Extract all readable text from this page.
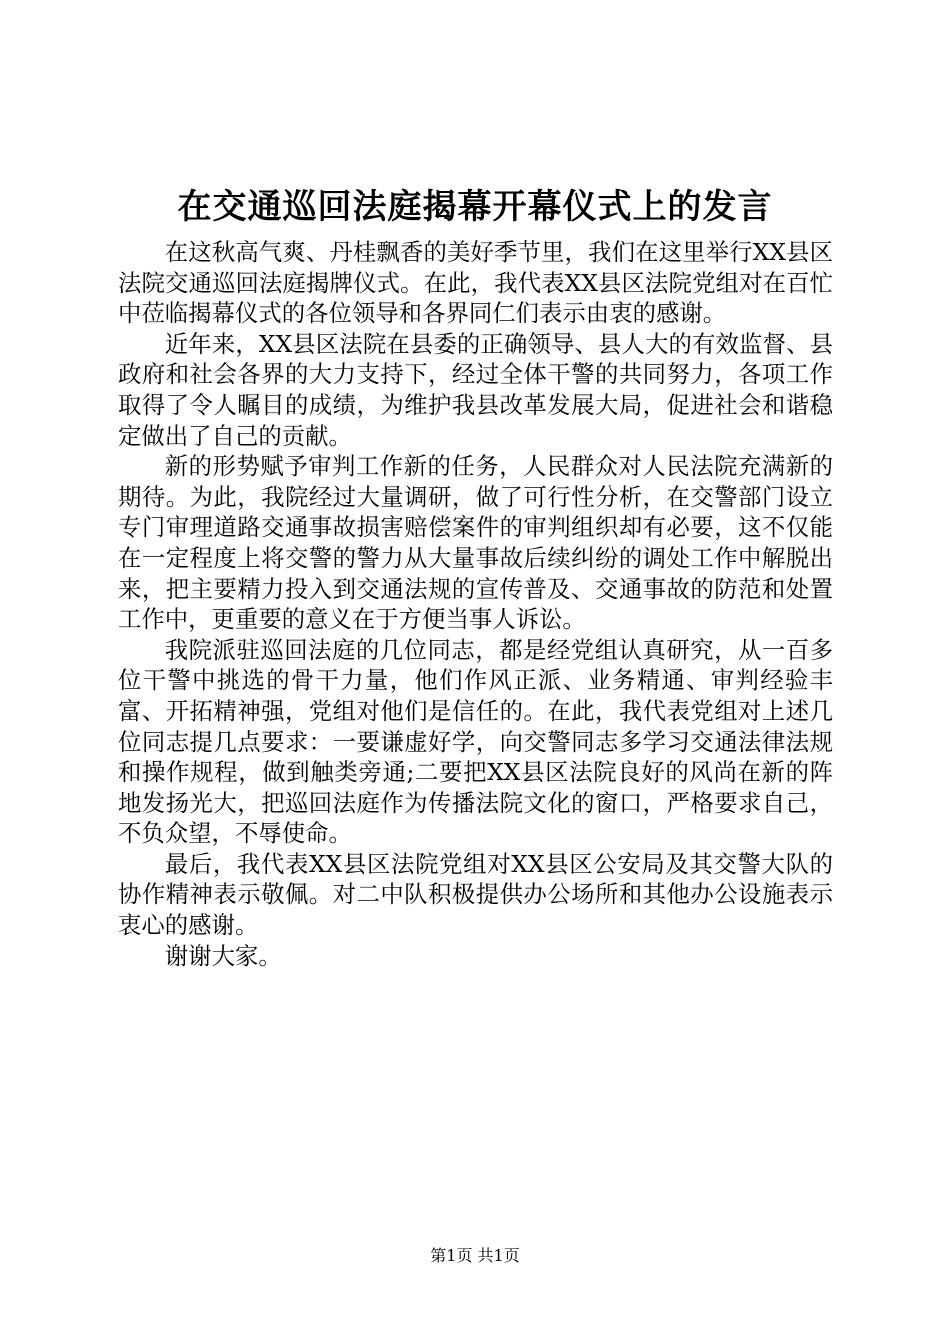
在交通巡回法庭揭幕开幕仪式上的发言

在这秋高气爽、丹桂飘香的美好季节里，我们在这里举行XX县区法院交通巡回法庭揭牌仪式。在此，我代表XX县区法院党组对在百忙中莅临揭幕仪式的各位领导和各界同仁们表示由衷的感谢。

近年来，XX县区法院在县委的正确领导、县人大的有效监督、县政府和社会各界的大力支持下，经过全体干警的共同努力，各项工作取得了令人瞩目的成绩，为维护我县改革发展大局，促进社会和谐稳定做出了自己的贡献。

新的形势赋予审判工作新的任务，人民群众对人民法院充满新的期待。为此，我院经过大量调研，做了可行性分析，在交警部门设立专门审理道路交通事故损害赔偿案件的审判组织却有必要，这不仅能在一定程度上将交警的警力从大量事故后续纠纷的调处工作中解脱出来，把主要精力投入到交通法规的宣传普及、交通事故的防范和处置工作中，更重要的意义在于方便当事人诉讼。

我院派驻巡回法庭的几位同志，都是经党组认真研究，从一百多位干警中挑选的骨干力量，他们作风正派、业务精通、审判经验丰富、开拓精神强，党组对他们是信任的。在此，我代表党组对上述几位同志提几点要求：一要谦虚好学，向交警同志多学习交通法律法规和操作规程，做到触类旁通;二要把XX县区法院良好的风尚在新的阵地发扬光大，把巡回法庭作为传播法院文化的窗口，严格要求自己，不负众望，不辱使命。

最后，我代表XX县区法院党组对XX县区公安局及其交警大队的协作精神表示敬佩。对二中队积极提供办公场所和其他办公设施表示衷心的感谢。

谢谢大家。

第1页 共1页
